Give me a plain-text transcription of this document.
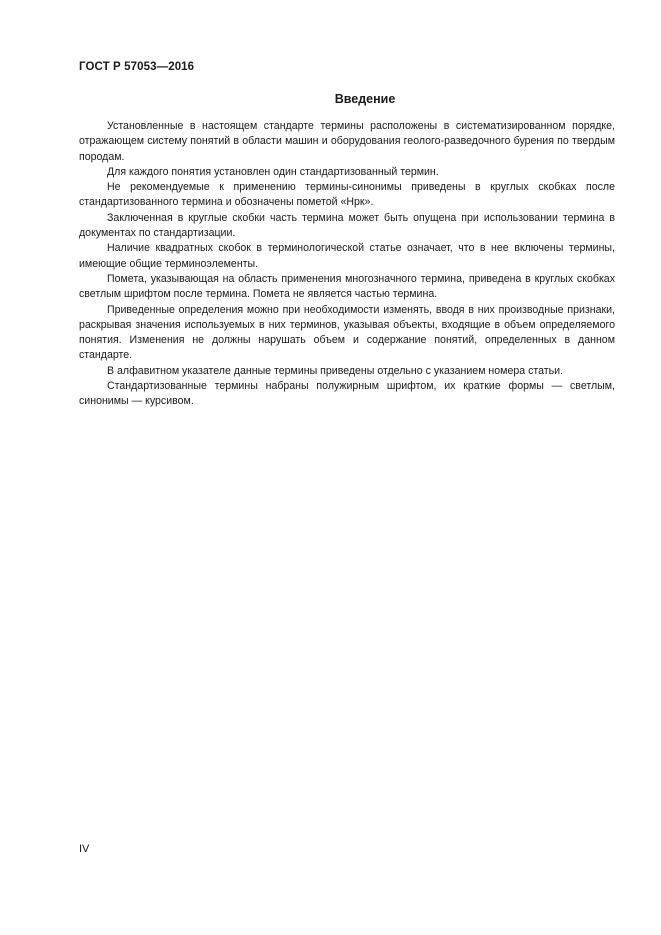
ГОСТ Р 57053—2016
Введение

Установленные в настоящем стандарте термины расположены в систематизированном порядке, отражающем систему понятий в области машин и оборудования геолого-разведочного бурения по твердым породам.

Для каждого понятия установлен один стандартизованный термин.

Не рекомендуемые к применению термины-синонимы приведены в круглых скобках после стандартизованного термина и обозначены пометой «Нрк».

Заключенная в круглые скобки часть термина может быть опущена при использовании термина в документах по стандартизации.

Наличие квадратных скобок в терминологической статье означает, что в нее включены термины, имеющие общие терминоэлементы.

Помета, указывающая на область применения многозначного термина, приведена в круглых скобках светлым шрифтом после термина. Помета не является частью термина.

Приведенные определения можно при необходимости изменять, вводя в них производные признаки, раскрывая значения используемых в них терминов, указывая объекты, входящие в объем определяемого понятия. Изменения не должны нарушать объем и содержание понятий, определенных в данном стандарте.

В алфавитном указателе данные термины приведены отдельно с указанием номера статьи.

Стандартизованные термины набраны полужирным шрифтом, их краткие формы — светлым, синонимы — курсивом.

IV
